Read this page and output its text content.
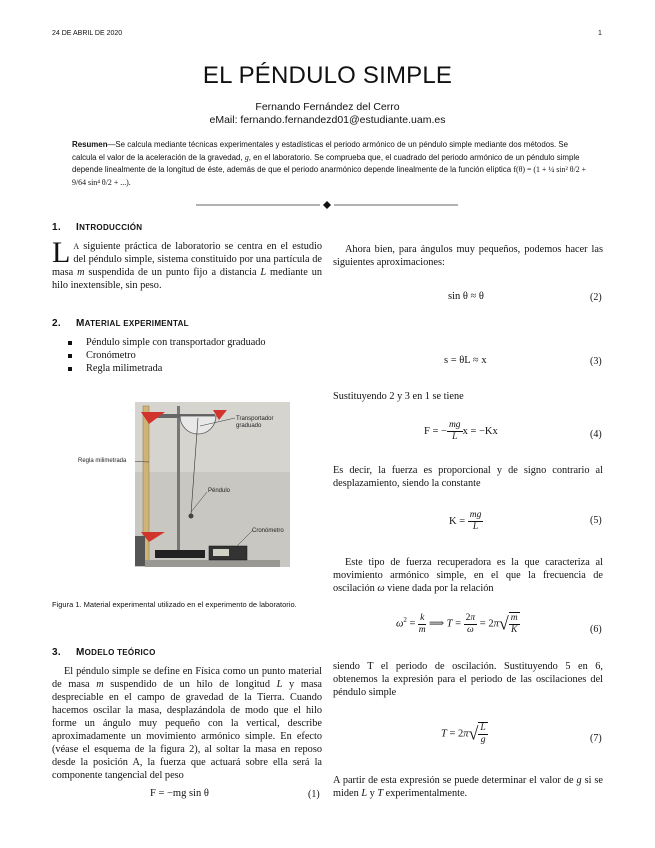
24 DE ABRIL DE 2020	1
EL PÉNDULO SIMPLE
Fernando Fernández del Cerro
eMail: fernando.fernandezd01@estudiante.uam.es
Resumen—Se calcula mediante técnicas experimentales y estadísticas el periodo armónico de un péndulo simple mediante dos métodos. Se calcula el valor de la aceleración de la gravedad, g, en el laboratorio. Se comprueba que, el cuadrado del periodo armónico de un péndulo simple depende linealmente de la longitud de éste, además de que el periodo anarmónico depende linealmente de la función elíptica f(θ) = (1 + ¼ sin² θ/2 + 9/64 sin⁴ θ/2 + ...).
1. INTRODUCCIÓN
L A siguiente práctica de laboratorio se centra en el estudio del péndulo simple, sistema constituido por una partícula de masa m suspendida de un punto fijo a distancia L mediante un hilo inextensible, sin peso.
2. MATERIAL EXPERIMENTAL
Péndulo simple con transportador graduado
Cronómetro
Regla milimetrada
Transportador graduado
Regla milimetrada
Péndulo
Cronómetro
Figura 1. Material experimental utilizado en el experimento de laboratorio.
3. MODELO TEÓRICO
El péndulo simple se define en Física como un punto material de masa m suspendido de un hilo de longitud L y masa despreciable en el campo de gravedad de la Tierra. Cuando hacemos oscilar la masa, desplazándola de modo que el hilo forme un ángulo muy pequeño con la vertical, describe aproximadamente un movimiento armónico simple. En efecto (véase el esquema de la figura 2), al soltar la masa en reposo desde la posición A, la fuerza que actuará sobre ella será la componente tangencial del peso
F = −mg sin θ	(1)
Ahora bien, para ángulos muy pequeños, podemos hacer las siguientes aproximaciones:
sin θ ≈ θ	(2)
s = θL ≈ x	(3)
Sustituyendo 2 y 3 en 1 se tiene
F = − $\frac{mg}{L}$ x = −Kx	(4)
Es decir, la fuerza es proporcional y de signo contrario al desplazamiento, siendo la constante
$K = \frac{mg}{L}$	(5)
Este tipo de fuerza recuperadora es la que caracteriza al movimiento armónico simple, en el que la frecuencia de oscilación ω viene dada por la relación
$\omega^2 = \frac{k}{m}$ ⟹ $T = \frac{2\pi}{\omega} = 2\pi√ \frac{m}{K}$	(6)
siendo T el periodo de oscilación. Sustituyendo 5 en 6, obtenemos la expresión para el periodo de las oscilaciones del péndulo simple
$T = 2\pi√ \frac{L}{g}$	(7)
A partir de esta expresión se puede determinar el valor de g si se miden L y T experimentalmente.
